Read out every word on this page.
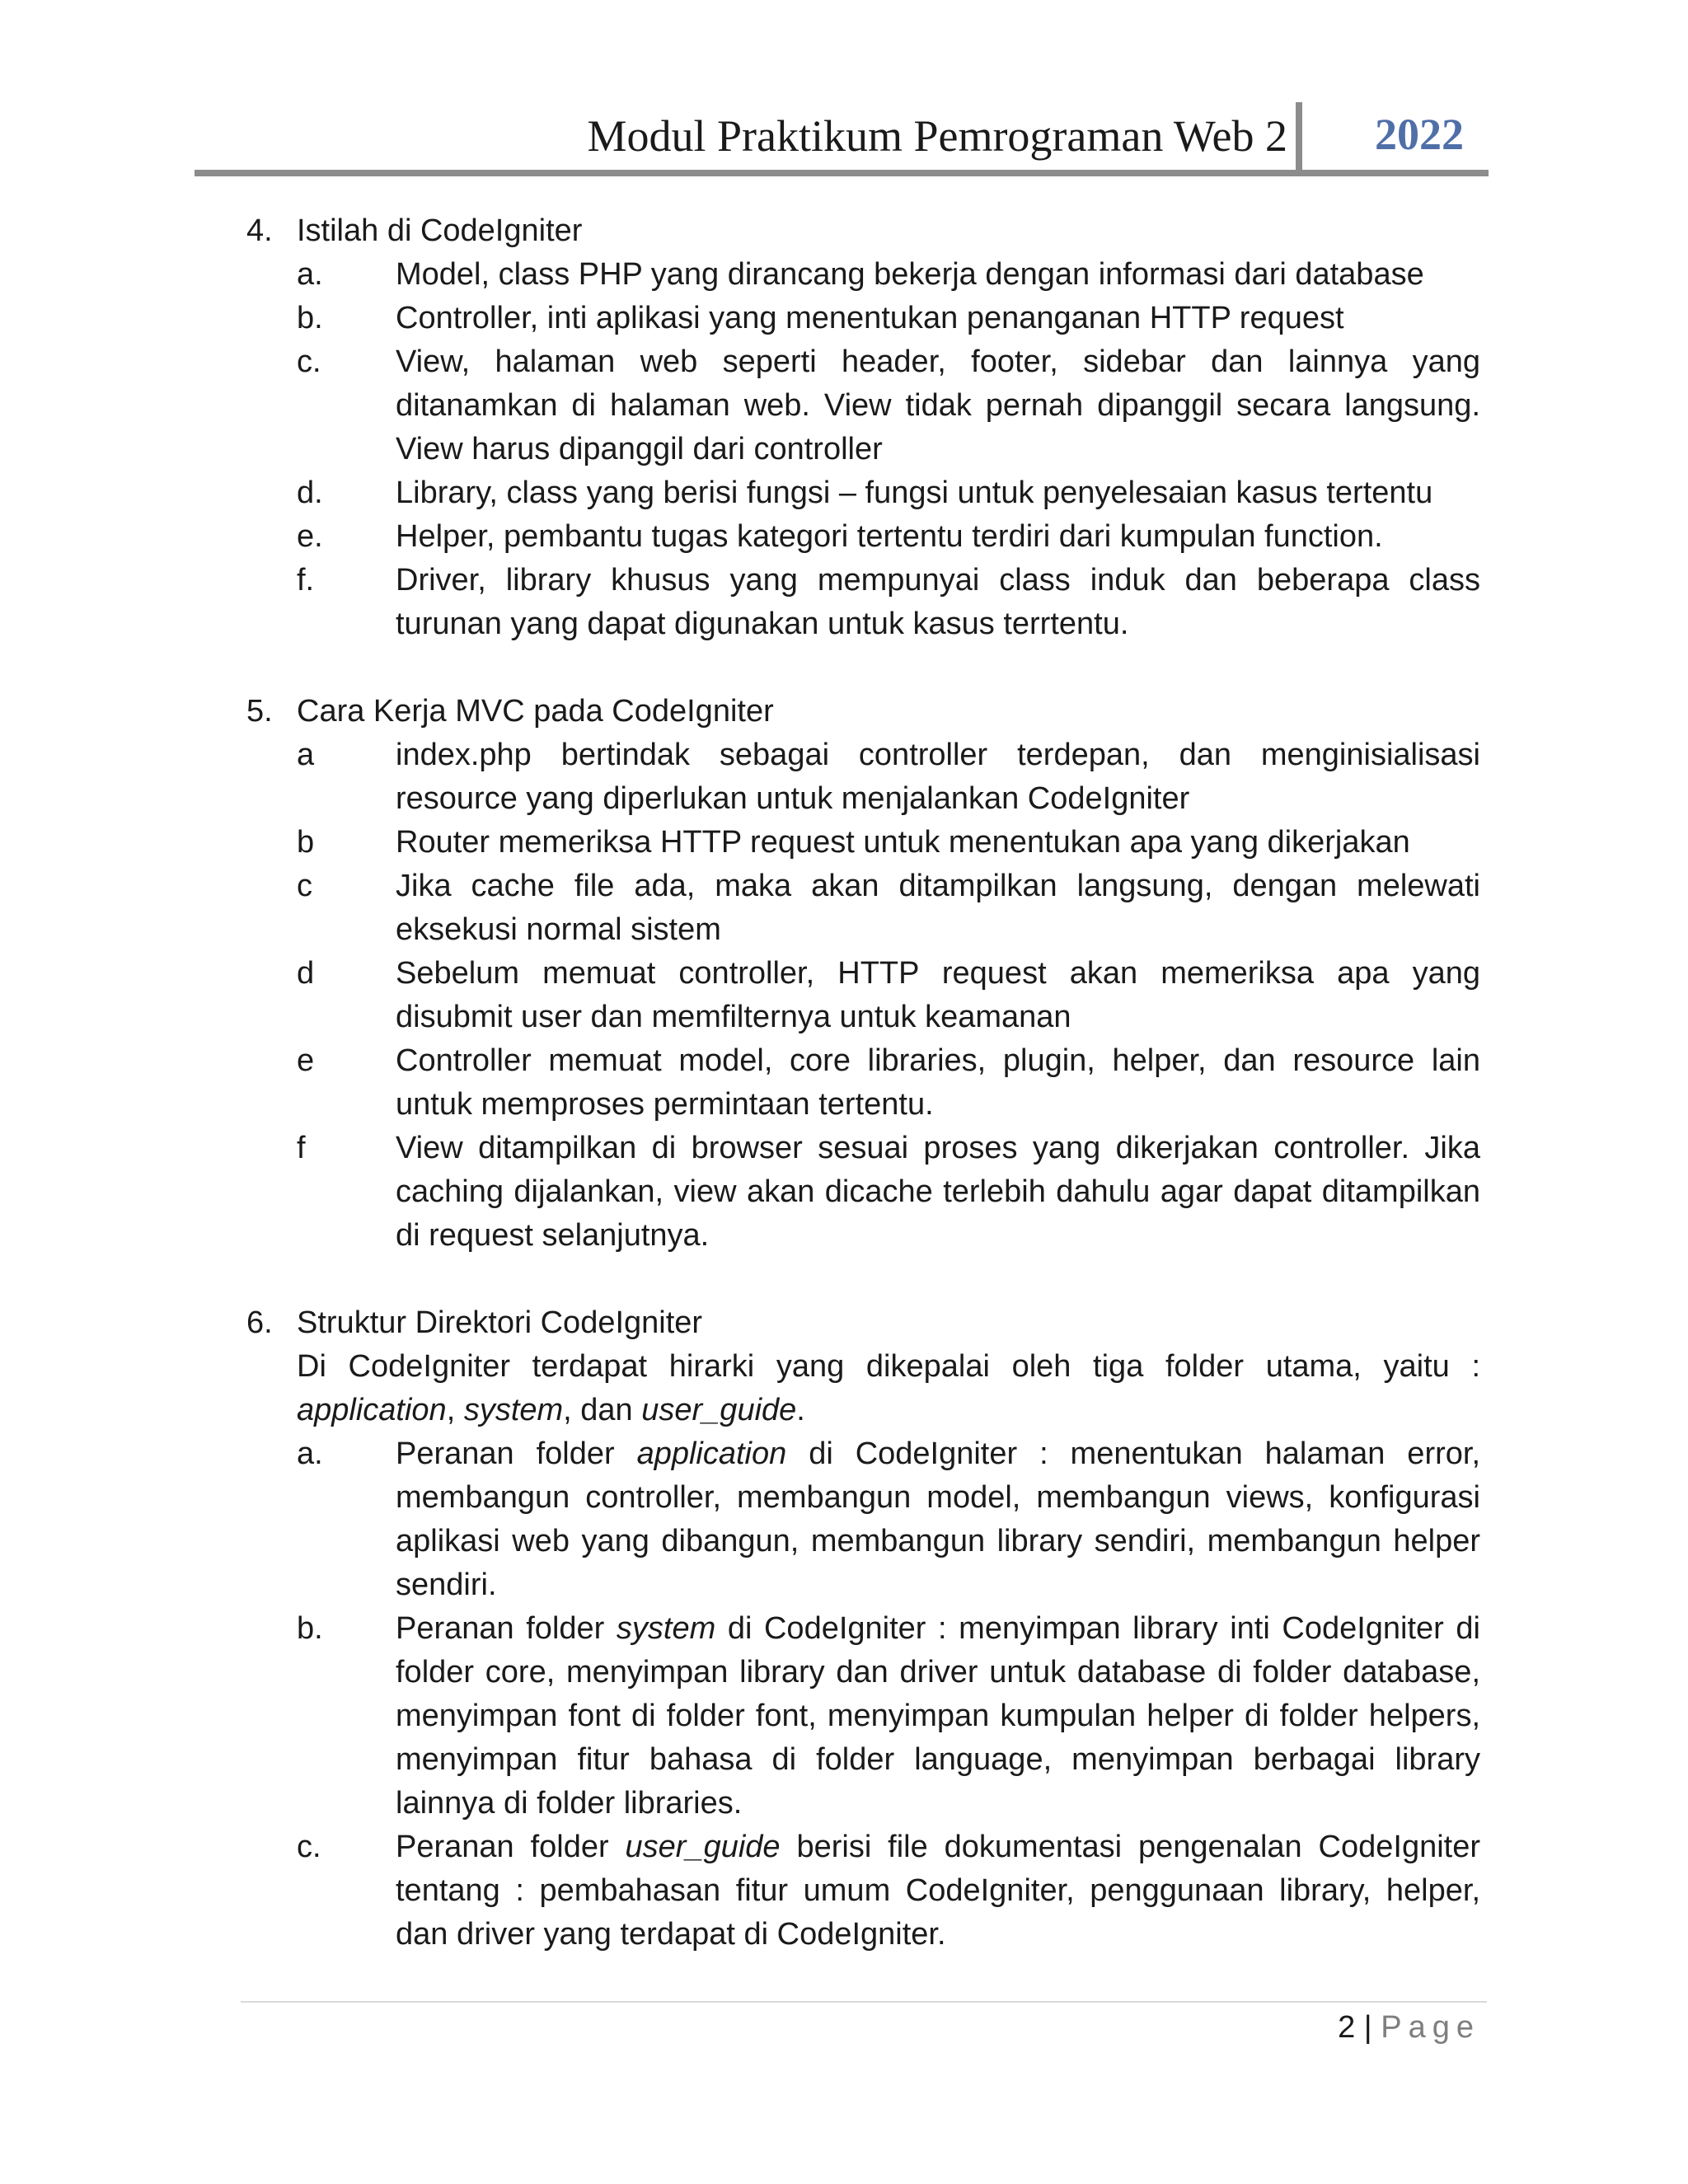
Modul Praktikum Pemrograman Web 2 2022
4. Istilah di CodeIgniter
a. Model, class PHP yang dirancang bekerja dengan informasi dari database
b. Controller, inti aplikasi yang menentukan penanganan HTTP request
c. View, halaman web seperti header, footer, sidebar dan lainnya yang ditanamkan di halaman web. View tidak pernah dipanggil secara langsung. View harus dipanggil dari controller
d. Library, class yang berisi fungsi – fungsi untuk penyelesaian kasus tertentu
e. Helper, pembantu tugas kategori tertentu terdiri dari kumpulan function.
f.	Driver, library khusus yang mempunyai class induk dan beberapa class turunan yang dapat digunakan untuk kasus terrtentu.
5. Cara Kerja MVC pada CodeIgniter
a	index.php bertindak sebagai controller terdepan, dan menginisialisasi resource yang diperlukan untuk menjalankan CodeIgniter
b	Router memeriksa HTTP request untuk menentukan apa yang dikerjakan
c	Jika cache file ada, maka akan ditampilkan langsung, dengan melewati eksekusi normal sistem
d	Sebelum memuat controller, HTTP request akan memeriksa apa yang disubmit user dan memfilternya untuk keamanan
e	Controller memuat model, core libraries, plugin, helper, dan resource lain untuk memproses permintaan tertentu.
f	View ditampilkan di browser sesuai proses yang dikerjakan controller. Jika caching dijalankan, view akan dicache terlebih dahulu agar dapat ditampilkan di request selanjutnya.
6. Struktur Direktori CodeIgniter
Di CodeIgniter terdapat hirarki yang dikepalai oleh tiga folder utama, yaitu : application, system, dan user_guide.
a. Peranan folder application di CodeIgniter : menentukan halaman error, membangun controller, membangun model, membangun views, konfigurasi aplikasi web yang dibangun, membangun library sendiri, membangun helper sendiri.
b. Peranan folder system di CodeIgniter : menyimpan library inti CodeIgniter di folder core, menyimpan library dan driver untuk database di folder database, menyimpan font di folder font, menyimpan kumpulan helper di folder helpers, menyimpan fitur bahasa di folder language, menyimpan berbagai library lainnya di folder libraries.
c. Peranan folder user_guide berisi file dokumentasi pengenalan CodeIgniter tentang : pembahasan fitur umum CodeIgniter, penggunaan library, helper, dan driver yang terdapat di CodeIgniter.
2 | Page
